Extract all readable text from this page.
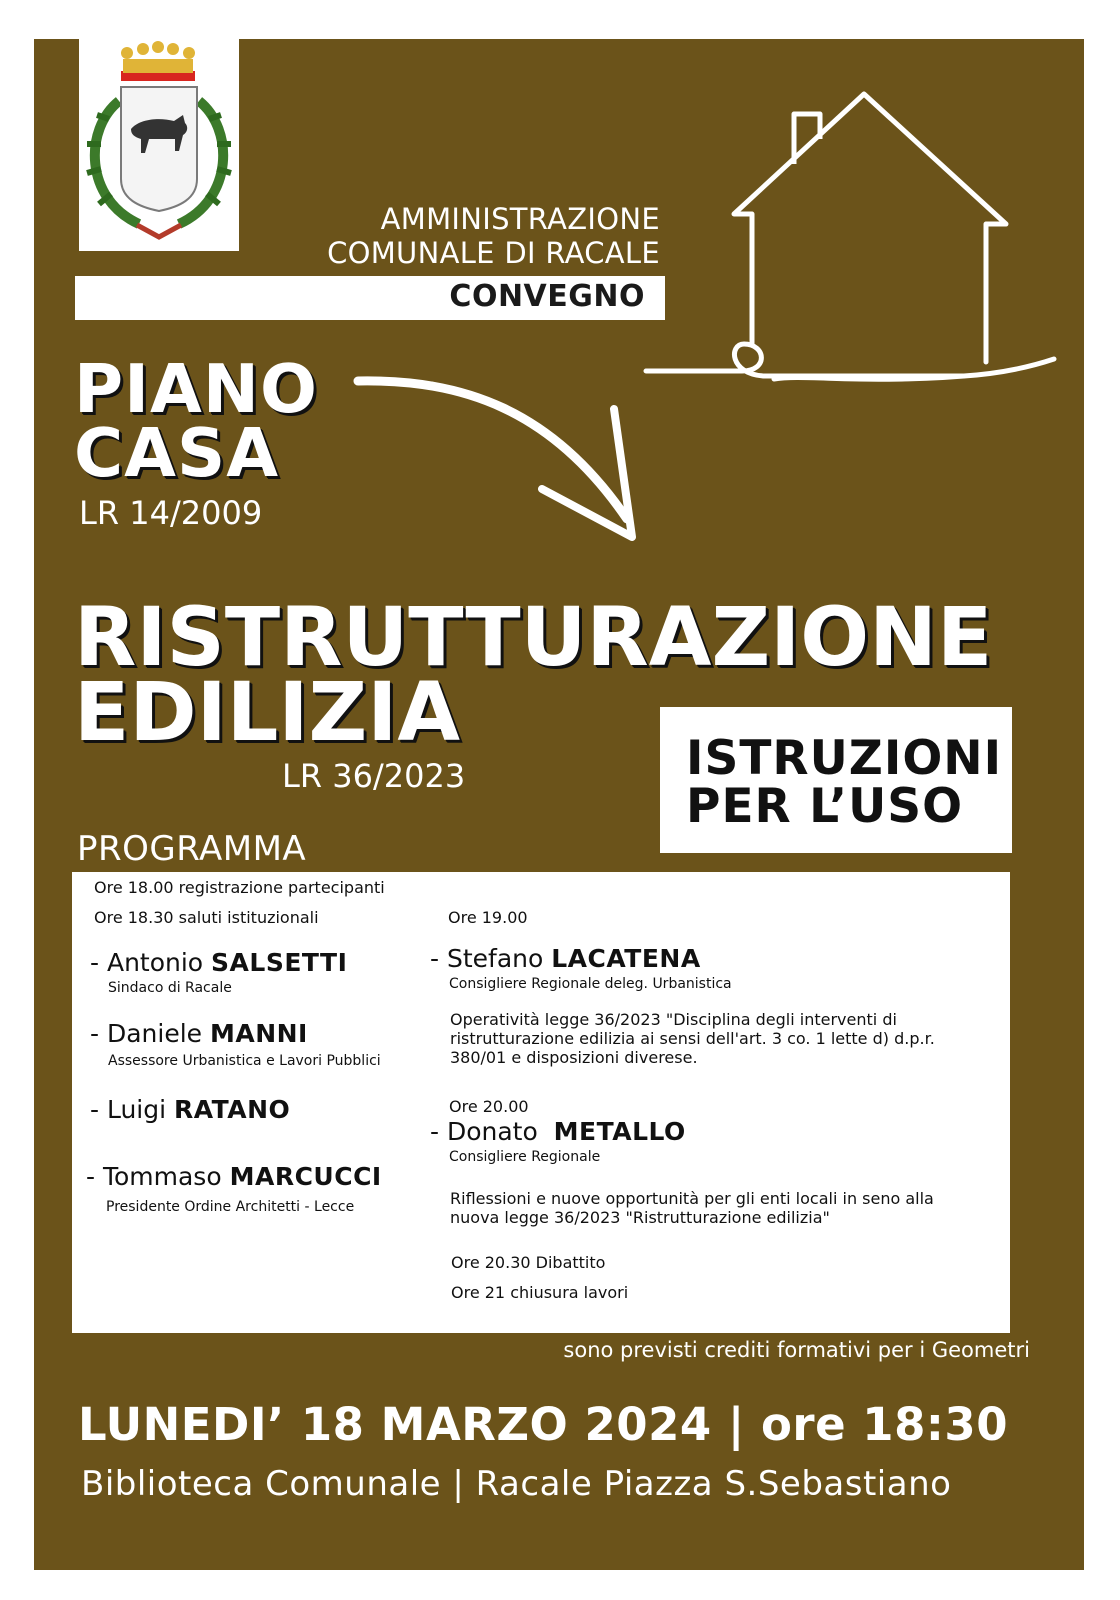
AMMINISTRAZIONE
COMUNALE DI RACALE
CONVEGNO
PIANO
CASA
LR 14/2009
RISTRUTTURAZIONE
EDILIZIA
LR 36/2023	ISTRUZIONI
PER L’USO
PROGRAMMA
Ore 18.00 registrazione partecipanti
Ore 18.30 saluti istituzionali
- Antonio SALSETTI
Sindaco di Racale
- Daniele MANNI
Assessore Urbanistica e Lavori Pubblici
- Luigi RATANO
- Tommaso MARCUCCI
Presidente Ordine Architetti - Lecce
Ore 19.00
- Stefano LACATENA
Consigliere Regionale deleg. Urbanistica
Operatività legge 36/2023 "Disciplina degli interventi di
ristrutturazione edilizia ai sensi dell'art. 3 co. 1 lette d) d.p.r.
380/01 e disposizioni diverese.
Ore 20.00
- Donato  METALLO
Consigliere Regionale
Riflessioni e nuove opportunità per gli enti locali in seno alla
nuova legge 36/2023 "Ristrutturazione edilizia"
Ore 20.30 Dibattito
Ore 21 chiusura lavori
sono previsti crediti formativi per i Geometri
LUNEDI’ 18 MARZO 2024 | ore 18:30
Biblioteca Comunale | Racale Piazza S.Sebastiano
